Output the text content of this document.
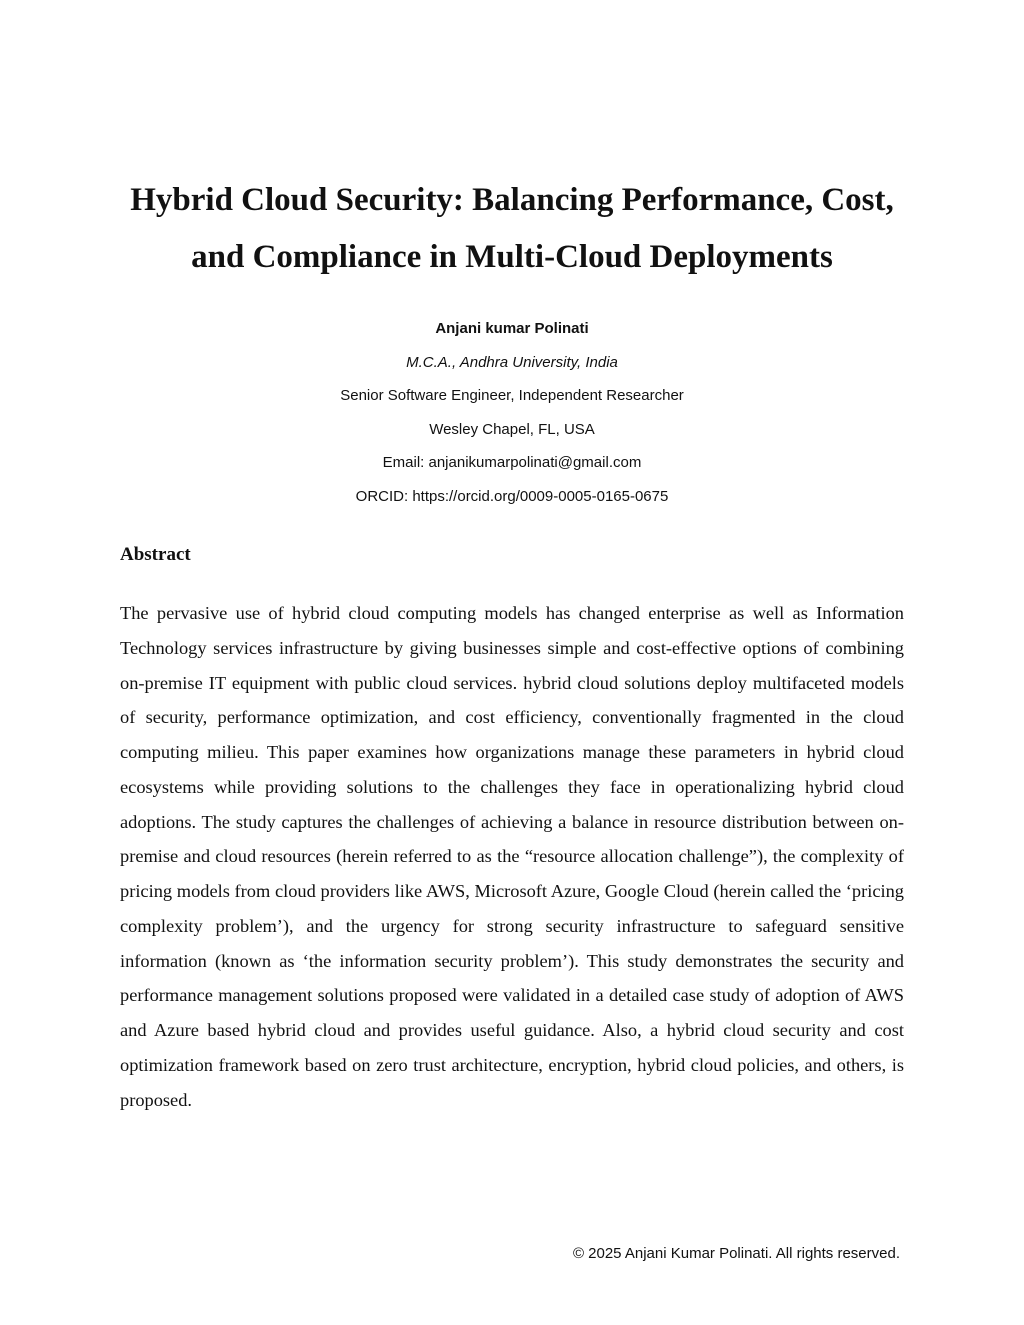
Hybrid Cloud Security: Balancing Performance, Cost,
and Compliance in Multi-Cloud Deployments
Anjani kumar Polinati
M.C.A., Andhra University, India
Senior Software Engineer, Independent Researcher
Wesley Chapel, FL, USA
Email: anjanikumarpolinati@gmail.com
ORCID: https://orcid.org/0009-0005-0165-0675
Abstract

The pervasive use of hybrid cloud computing models has changed enterprise as well as Information Technology services infrastructure by giving businesses simple and cost-effective options of combining on-premise IT equipment with public cloud services. hybrid cloud solutions deploy multifaceted models of security, performance optimization, and cost efficiency, conventionally fragmented in the cloud computing milieu. This paper examines how organizations manage these parameters in hybrid cloud ecosystems while providing solutions to the challenges they face in operationalizing hybrid cloud adoptions. The study captures the challenges of achieving a balance in resource distribution between on-premise and cloud resources (herein referred to as the “resource allocation challenge”), the complexity of pricing models from cloud providers like AWS, Microsoft Azure, Google Cloud (herein called the ‘pricing complexity problem’), and the urgency for strong security infrastructure to safeguard sensitive information (known as ‘the information security problem’). This study demonstrates the security and performance management solutions proposed were validated in a detailed case study of adoption of AWS and Azure based hybrid cloud and provides useful guidance. Also, a hybrid cloud security and cost optimization framework based on zero trust architecture, encryption, hybrid cloud policies, and others, is proposed.

© 2025 Anjani Kumar Polinati. All rights reserved.
